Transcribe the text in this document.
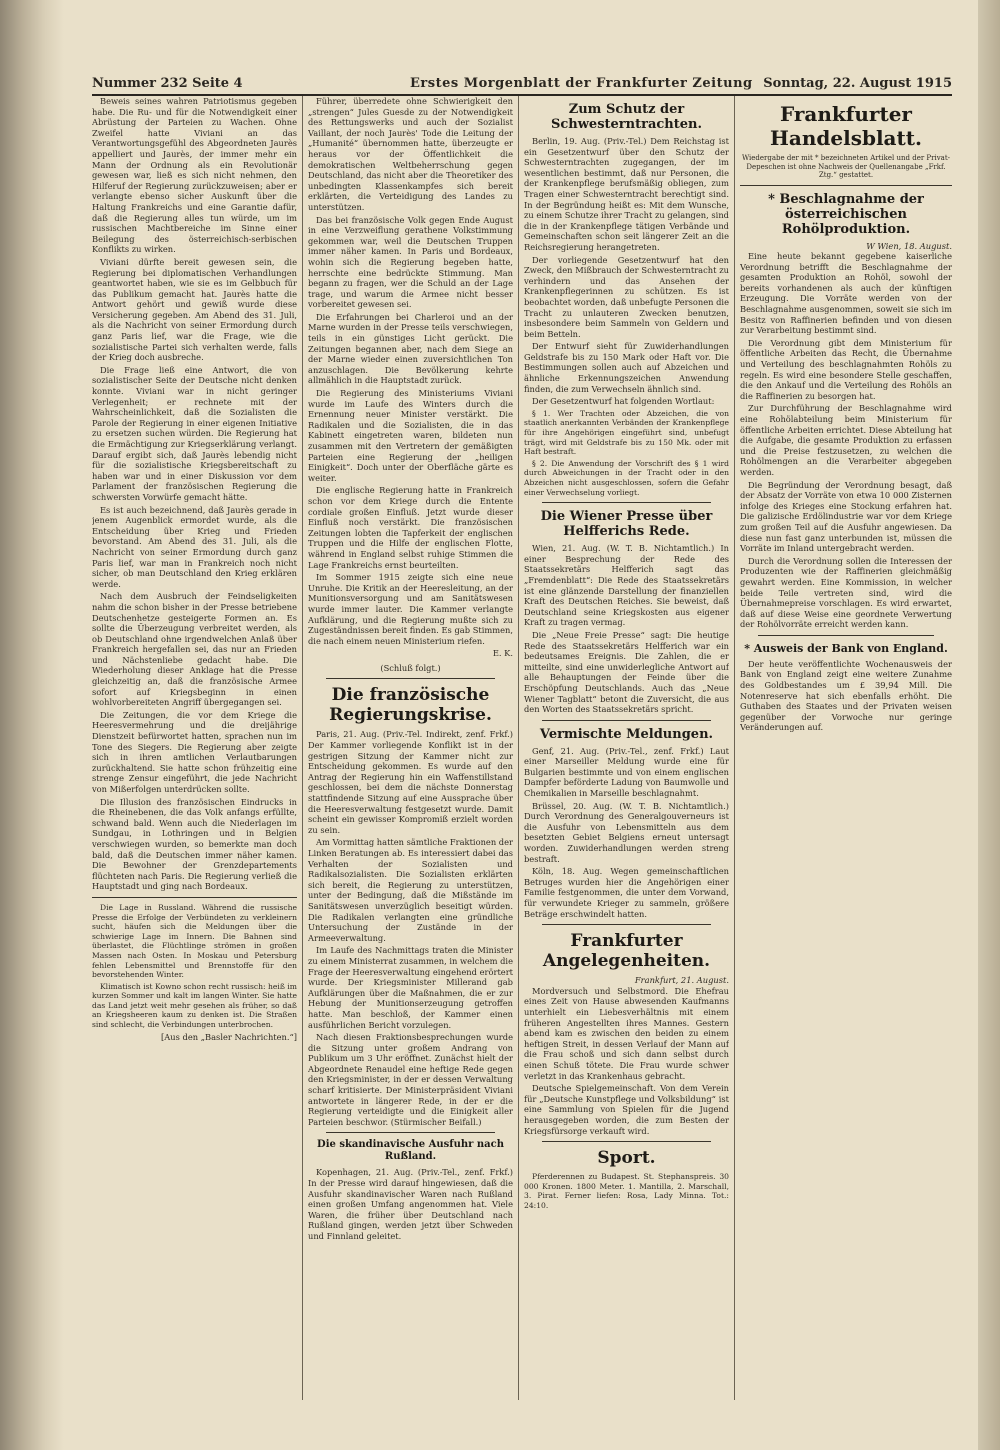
Nummer 232 Seite 4	Erstes Morgenblatt der Frankfurter Zeitung Sonntag, 22. August 1915

Beweis seines wahren Patriotismus gegeben habe. Die Ru- und für die Notwendigkeit einer Abrüstung der Parteien zu Wachen. Ohne Zweifel hatte Viviani an das Verantwortungsgefühl des Abgeordneten Jaurès appelliert und Jaurès, der immer mehr ein Mann der Ordnung als ein Revolutionär gewesen war, ließ es sich nicht nehmen, den Hilferuf der Regierung zurückzuweisen; aber er verlangte ebenso sicher Auskunft über die Haltung Frankreichs und eine Garantie dafür, daß die Regierung alles tun würde, um im russischen Machtbereiche im Sinne einer Beilegung des österreichisch-serbischen Konflikts zu wirken.

Viviani dürfte bereit gewesen sein, die Regierung bei diplomatischen Verhandlungen geantwortet haben, wie sie es im Gelbbuch für das Publikum gemacht hat. Jaurès hatte die Antwort gehört und gewiß wurde diese Versicherung gegeben. Am Abend des 31. Juli, als die Nachricht von seiner Ermordung durch ganz Paris lief, war die Frage, wie die sozialistische Partei sich verhalten werde, falls der Krieg doch ausbreche.

Die Frage ließ eine Antwort, die von sozialistischer Seite der Deutsche nicht denken konnte. Viviani war in nicht geringer Verlegenheit; er rechnete mit der Wahrscheinlichkeit, daß die Sozialisten die Parole der Regierung in einer eigenen Initiative zu ersetzen suchen würden. Die Regierung hat die Ermächtigung zur Kriegserklärung verlangt. Darauf ergibt sich, daß Jaurès lebendig nicht für die sozialistische Kriegsbereitschaft zu haben war und in einer Diskussion vor dem Parlament der französischen Regierung die schwersten Vorwürfe gemacht hätte.

Es ist auch bezeichnend, daß Jaurès gerade in jenem Augenblick ermordet wurde, als die Entscheidung über Krieg und Frieden bevorstand. Am Abend des 31. Juli, als die Nachricht von seiner Ermordung durch ganz Paris lief, war man in Frankreich noch nicht sicher, ob man Deutschland den Krieg erklären werde.

Nach dem Ausbruch der Feindseligkeiten nahm die schon bisher in der Presse betriebene Deutschenhetze gesteigerte Formen an. Es sollte die Überzeugung verbreitet werden, als ob Deutschland ohne irgendwelchen Anlaß über Frankreich hergefallen sei, das nur an Frieden und Nächstenliebe gedacht habe. Die Wiederholung dieser Anklage hat die Presse gleichzeitig an, daß die französische Armee sofort auf Kriegsbeginn in einen wohlvorbereiteten Angriff übergegangen sei.

Die Zeitungen, die vor dem Kriege die Heeresvermehrung und die dreijährige Dienstzeit befürwortet hatten, sprachen nun im Tone des Siegers. Die Regierung aber zeigte sich in ihren amtlichen Verlautbarungen zurückhaltend. Sie hatte schon frühzeitig eine strenge Zensur eingeführt, die jede Nachricht von Mißerfolgen unterdrücken sollte.

Die Illusion des französischen Eindrucks in die Rheinebenen, die das Volk anfangs erfüllte, schwand bald. Wenn auch die Niederlagen im Sundgau, in Lothringen und in Belgien verschwiegen wurden, so bemerkte man doch bald, daß die Deutschen immer näher kamen. Die Bewohner der Grenzdepartements flüchteten nach Paris. Die Regierung verließ die Hauptstadt und ging nach Bordeaux.

Die Lage in Russland. Während die russische Presse die Erfolge der Verbündeten zu verkleinern sucht, häufen sich die Meldungen über die schwierige Lage im Innern. Die Bahnen sind überlastet, die Flüchtlinge strömen in großen Massen nach Osten. In Moskau und Petersburg fehlen Lebensmittel und Brennstoffe für den bevorstehenden Winter.

Klimatisch ist Kowno schon recht russisch: heiß im kurzen Sommer und kalt im langen Winter. Sie hatte das Land jetzt weit mehr gesehen als früher, so daß an Kriegsheeren kaum zu denken ist. Die Straßen sind schlecht, die Verbindungen unterbrochen.

[Aus den „Basler Nachrichten.“]

Führer, überredete ohne Schwierigkeit den „strengen“ Jules Guesde zu der Notwendigkeit des Rettungswerks und auch der Sozialist Vaillant, der noch Jaurès' Tode die Leitung der „Humanité“ übernommen hatte, überzeugte er heraus vor der Öffentlichkeit die demokratischen Weltbeherrschung gegen Deutschland, das nicht aber die Theoretiker des unbedingten Klassenkampfes sich bereit erklärten, die Verteidigung des Landes zu unterstützen.

Das bei französische Volk gegen Ende August in eine Verzweiflung gerathene Volkstimmung gekommen war, weil die Deutschen Truppen immer näher kamen. In Paris und Bordeaux, wohin sich die Regierung begeben hatte, herrschte eine bedrückte Stimmung. Man begann zu fragen, wer die Schuld an der Lage trage, und warum die Armee nicht besser vorbereitet gewesen sei.

Die Erfahrungen bei Charleroi und an der Marne wurden in der Presse teils verschwiegen, teils in ein günstiges Licht gerückt. Die Zeitungen begannen aber, nach dem Siege an der Marne wieder einen zuversichtlichen Ton anzuschlagen. Die Bevölkerung kehrte allmählich in die Hauptstadt zurück.

Die Regierung des Ministeriums Viviani wurde im Laufe des Winters durch die Ernennung neuer Minister verstärkt. Die Radikalen und die Sozialisten, die in das Kabinett eingetreten waren, bildeten nun zusammen mit den Vertretern der gemäßigten Parteien eine Regierung der „heiligen Einigkeit“. Doch unter der Oberfläche gärte es weiter.

Die englische Regierung hatte in Frankreich schon vor dem Kriege durch die Entente cordiale großen Einfluß. Jetzt wurde dieser Einfluß noch verstärkt. Die französischen Zeitungen lobten die Tapferkeit der englischen Truppen und die Hilfe der englischen Flotte, während in England selbst ruhige Stimmen die Lage Frankreichs ernst beurteilten.

Im Sommer 1915 zeigte sich eine neue Unruhe. Die Kritik an der Heeresleitung, an der Munitionsversorgung und am Sanitätswesen wurde immer lauter. Die Kammer verlangte Aufklärung, und die Regierung mußte sich zu Zugeständnissen bereit finden. Es gab Stimmen, die nach einem neuen Ministerium riefen.

E. K.
(Schluß folgt.)
Die französische Regierungskrise.

Paris, 21. Aug. (Priv.-Tel. Indirekt, zenf. Frkf.) Der Kammer vorliegende Konflikt ist in der gestrigen Sitzung der Kammer nicht zur Entscheidung gekommen. Es wurde auf den Antrag der Regierung hin ein Waffenstillstand geschlossen, bei dem die nächste Donnerstag stattfindende Sitzung auf eine Aussprache über die Heeresverwaltung festgesetzt wurde. Damit scheint ein gewisser Kompromiß erzielt worden zu sein.

Am Vormittag hatten sämtliche Fraktionen der Linken Beratungen ab. Es interessiert dabei das Verhalten der Sozialisten und Radikalsozialisten. Die Sozialisten erklärten sich bereit, die Regierung zu unterstützen, unter der Bedingung, daß die Mißstände im Sanitätswesen unverzüglich beseitigt würden. Die Radikalen verlangten eine gründliche Untersuchung der Zustände in der Armeeverwaltung.

Im Laufe des Nachmittags traten die Minister zu einem Ministerrat zusammen, in welchem die Frage der Heeresverwaltung eingehend erörtert wurde. Der Kriegsminister Millerand gab Aufklärungen über die Maßnahmen, die er zur Hebung der Munitionserzeugung getroffen hatte. Man beschloß, der Kammer einen ausführlichen Bericht vorzulegen.

Nach diesen Fraktionsbesprechungen wurde die Sitzung unter großem Andrang von Publikum um 3 Uhr eröffnet. Zunächst hielt der Abgeordnete Renaudel eine heftige Rede gegen den Kriegsminister, in der er dessen Verwaltung scharf kritisierte. Der Ministerpräsident Viviani antwortete in längerer Rede, in der er die Regierung verteidigte und die Einigkeit aller Parteien beschwor. (Stürmischer Beifall.)

Die skandinavische Ausfuhr nach Rußland.

Kopenhagen, 21. Aug. (Priv.-Tel., zenf. Frkf.) In der Presse wird darauf hingewiesen, daß die Ausfuhr skandinavischer Waren nach Rußland einen großen Umfang angenommen hat. Viele Waren, die früher über Deutschland nach Rußland gingen, werden jetzt über Schweden und Finnland geleitet.

Zum Schutz der Schwesterntrachten.

Berlin, 19. Aug. (Priv.-Tel.) Dem Reichstag ist ein Gesetzentwurf über den Schutz der Schwesterntrachten zugegangen, der im wesentlichen bestimmt, daß nur Personen, die der Krankenpflege berufsmäßig obliegen, zum Tragen einer Schwesterntracht berechtigt sind. In der Begründung heißt es: Mit dem Wunsche, zu einem Schutze ihrer Tracht zu gelangen, sind die in der Krankenpflege tätigen Verbände und Gemeinschaften schon seit längerer Zeit an die Reichsregierung herangetreten.

Der vorliegende Gesetzentwurf hat den Zweck, den Mißbrauch der Schwesterntracht zu verhindern und das Ansehen der Krankenpflegerinnen zu schützen. Es ist beobachtet worden, daß unbefugte Personen die Tracht zu unlauteren Zwecken benutzen, insbesondere beim Sammeln von Geldern und beim Betteln.

Der Entwurf sieht für Zuwiderhandlungen Geldstrafe bis zu 150 Mark oder Haft vor. Die Bestimmungen sollen auch auf Abzeichen und ähnliche Erkennungszeichen Anwendung finden, die zum Verwechseln ähnlich sind.

Der Gesetzentwurf hat folgenden Wortlaut:

§ 1. Wer Trachten oder Abzeichen, die von staatlich anerkannten Verbänden der Krankenpflege für ihre Angehörigen eingeführt sind, unbefugt trägt, wird mit Geldstrafe bis zu 150 Mk. oder mit Haft bestraft.

§ 2. Die Anwendung der Vorschrift des § 1 wird durch Abweichungen in der Tracht oder in den Abzeichen nicht ausgeschlossen, sofern die Gefahr einer Verwechselung vorliegt.

Die Wiener Presse über Helfferichs Rede.

Wien, 21. Aug. (W. T. B. Nichtamtlich.) In einer Besprechung der Rede des Staatssekretärs Helfferich sagt das „Fremdenblatt“: Die Rede des Staatssekretärs ist eine glänzende Darstellung der finanziellen Kraft des Deutschen Reiches. Sie beweist, daß Deutschland seine Kriegskosten aus eigener Kraft zu tragen vermag.

Die „Neue Freie Presse“ sagt: Die heutige Rede des Staatssekretärs Helfferich war ein bedeutsames Ereignis. Die Zahlen, die er mitteilte, sind eine unwiderlegliche Antwort auf alle Behauptungen der Feinde über die Erschöpfung Deutschlands. Auch das „Neue Wiener Tagblatt“ betont die Zuversicht, die aus den Worten des Staatssekretärs spricht.

Vermischte Meldungen.

Genf, 21. Aug. (Priv.-Tel., zenf. Frkf.) Laut einer Marseiller Meldung wurde eine für Bulgarien bestimmte und von einem englischen Dampfer beförderte Ladung von Baumwolle und Chemikalien in Marseille beschlagnahmt.

Brüssel, 20. Aug. (W. T. B. Nichtamtlich.) Durch Verordnung des Generalgouverneurs ist die Ausfuhr von Lebensmitteln aus dem besetzten Gebiet Belgiens erneut untersagt worden. Zuwiderhandlungen werden streng bestraft.

Köln, 18. Aug. Wegen gemeinschaftlichen Betruges wurden hier die Angehörigen einer Familie festgenommen, die unter dem Vorwand, für verwundete Krieger zu sammeln, größere Beträge erschwindelt hatten.

Frankfurter Angelegenheiten.
Frankfurt, 21. August.

Mordversuch und Selbstmord. Die Ehefrau eines Zeit von Hause abwesenden Kaufmanns unterhielt ein Liebesverhältnis mit einem früheren Angestellten ihres Mannes. Gestern abend kam es zwischen den beiden zu einem heftigen Streit, in dessen Verlauf der Mann auf die Frau schoß und sich dann selbst durch einen Schuß tötete. Die Frau wurde schwer verletzt in das Krankenhaus gebracht.

Deutsche Spielgemeinschaft. Von dem Verein für „Deutsche Kunstpflege und Volksbildung“ ist eine Sammlung von Spielen für die Jugend herausgegeben worden, die zum Besten der Kriegsfürsorge verkauft wird.

Sport.

Pferderennen zu Budapest. St. Stephanspreis. 30 000 Kronen. 1800 Meter. 1. Mantilla, 2. Marschall, 3. Pirat. Ferner liefen: Rosa, Lady Minna. Tot.: 24:10.

Frankfurter Handelsblatt.
Wiedergabe der mit * bezeichneten Artikel und der Privat-Depeschen ist ohne Nachweis der Quellenangabe „Frkf. Ztg.“ gestattet.
* Beschlagnahme der österreichischen Rohölproduktion.
W Wien, 18. August.

Eine heute bekannt gegebene kaiserliche Verordnung betrifft die Beschlagnahme der gesamten Produktion an Rohöl, sowohl der bereits vorhandenen als auch der künftigen Erzeugung. Die Vorräte werden von der Beschlagnahme ausgenommen, soweit sie sich im Besitz von Raffinerien befinden und von diesen zur Verarbeitung bestimmt sind.

Die Verordnung gibt dem Ministerium für öffentliche Arbeiten das Recht, die Übernahme und Verteilung des beschlagnahmten Rohöls zu regeln. Es wird eine besondere Stelle geschaffen, die den Ankauf und die Verteilung des Rohöls an die Raffinerien zu besorgen hat.

Zur Durchführung der Beschlagnahme wird eine Rohölabteilung beim Ministerium für öffentliche Arbeiten errichtet. Diese Abteilung hat die Aufgabe, die gesamte Produktion zu erfassen und die Preise festzusetzen, zu welchen die Rohölmengen an die Verarbeiter abgegeben werden.

Die Begründung der Verordnung besagt, daß der Absatz der Vorräte von etwa 10 000 Zisternen infolge des Krieges eine Stockung erfahren hat. Die galizische Erdölindustrie war vor dem Kriege zum großen Teil auf die Ausfuhr angewiesen. Da diese nun fast ganz unterbunden ist, müssen die Vorräte im Inland untergebracht werden.

Durch die Verordnung sollen die Interessen der Produzenten wie der Raffinerien gleichmäßig gewahrt werden. Eine Kommission, in welcher beide Teile vertreten sind, wird die Übernahmepreise vorschlagen. Es wird erwartet, daß auf diese Weise eine geordnete Verwertung der Rohölvorräte erreicht werden kann.

* Ausweis der Bank von England.

Der heute veröffentlichte Wochenausweis der Bank von England zeigt eine weitere Zunahme des Goldbestandes um £ 39,94 Mill. Die Notenreserve hat sich ebenfalls erhöht. Die Guthaben des Staates und der Privaten weisen gegenüber der Vorwoche nur geringe Veränderungen auf.
